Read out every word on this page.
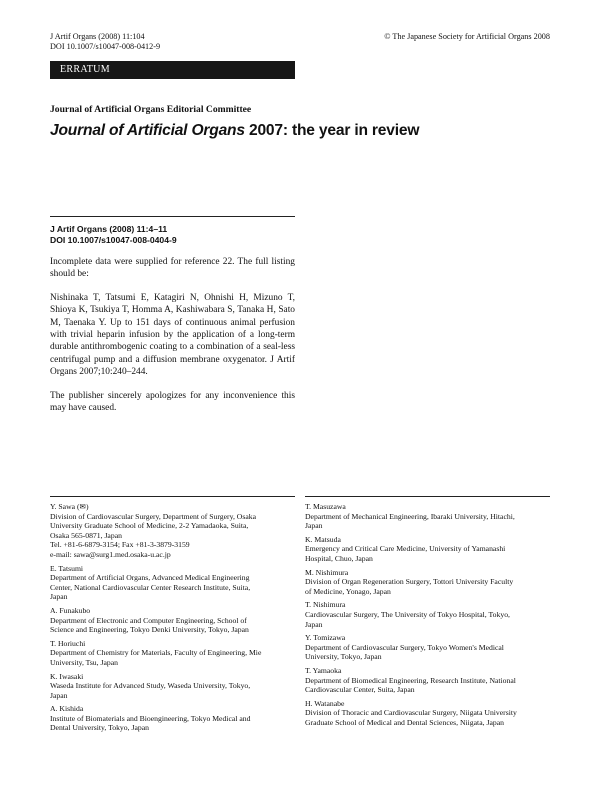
J Artif Organs (2008) 11:104
DOI 10.1007/s10047-008-0412-9
© The Japanese Society for Artificial Organs 2008
ERRATUM
Journal of Artificial Organs Editorial Committee
Journal of Artificial Organs 2007: the year in review
J Artif Organs (2008) 11:4–11
DOI 10.1007/s10047-008-0404-9

Incomplete data were supplied for reference 22. The full listing should be:

Nishinaka T, Tatsumi E, Katagiri N, Ohnishi H, Mizuno T, Shioya K, Tsukiya T, Homma A, Kashiwabara S, Tanaka H, Sato M, Taenaka Y. Up to 151 days of continuous animal perfusion with trivial heparin infusion by the application of a long-term durable antithrombogenic coating to a combination of a seal-less centrifugal pump and a diffusion membrane oxygenator. J Artif Organs 2007;10:240–244.

The publisher sincerely apologizes for any inconvenience this may have caused.

Y. Sawa (✉)
Division of Cardiovascular Surgery, Department of Surgery, Osaka
University Graduate School of Medicine, 2-2 Yamadaoka, Suita,
Osaka 565-0871, Japan
Tel. +81-6-6879-3154; Fax +81-3-3879-3159
e-mail: sawa@surg1.med.osaka-u.ac.jp
E. Tatsumi
Department of Artificial Organs, Advanced Medical Engineering
Center, National Cardiovascular Center Research Institute, Suita,
Japan
A. Funakubo
Department of Electronic and Computer Engineering, School of
Science and Engineering, Tokyo Denki University, Tokyo, Japan
T. Horiuchi
Department of Chemistry for Materials, Faculty of Engineering, Mie
University, Tsu, Japan
K. Iwasaki
Waseda Institute for Advanced Study, Waseda University, Tokyo,
Japan
A. Kishida
Institute of Biomaterials and Bioengineering, Tokyo Medical and
Dental University, Tokyo, Japan
T. Masuzawa
Department of Mechanical Engineering, Ibaraki University, Hitachi,
Japan
K. Matsuda
Emergency and Critical Care Medicine, University of Yamanashi
Hospital, Chuo, Japan
M. Nishimura
Division of Organ Regeneration Surgery, Tottori University Faculty
of Medicine, Yonago, Japan
T. Nishimura
Cardiovascular Surgery, The University of Tokyo Hospital, Tokyo,
Japan
Y. Tomizawa
Department of Cardiovascular Surgery, Tokyo Women's Medical
University, Tokyo, Japan
T. Yamaoka
Department of Biomedical Engineering, Research Institute, National
Cardiovascular Center, Suita, Japan
H. Watanabe
Division of Thoracic and Cardiovascular Surgery, Niigata University
Graduate School of Medical and Dental Sciences, Niigata, Japan
